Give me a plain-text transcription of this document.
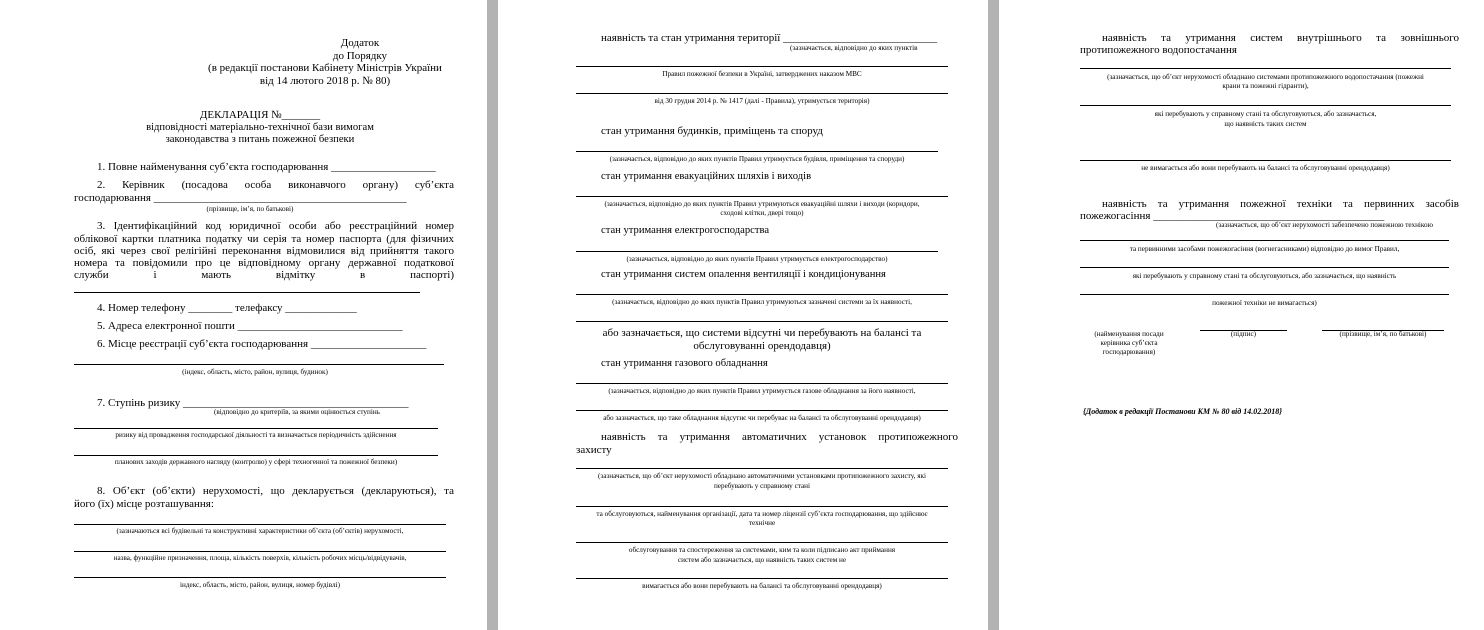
Додаток
до Порядку
(в редакції постанови Кабінету Міністрів України
від 14 лютого 2018 р. № 80)
ДЕКЛАРАЦІЯ №_______
відповідності матеріально-технічної бази вимогам
законодавства з питань пожежної безпеки
1. Повне найменування суб’єкта господарювання ___________________
2. Керівник (посадова особа виконавчого органу) суб’єкта
господарювання ______________________________________________
(прізвище, ім’я, по батькові)
3. Ідентифікаційний код юридичної особи або реєстраційний номер
облікової картки платника податку чи серія та номер паспорта (для фізичних
осіб, які через свої релігійні переконання відмовилися від прийняття такого
номера та повідомили про це відповідному органу державної податкової
служби і мають відмітку в паспорті)
4. Номер телефону ________ телефаксу _____________
5. Адреса електронної пошти ______________________________
6. Місце реєстрації суб’єкта господарювання _____________________
(індекс, область, місто, район, вулиця, будинок)
7. Ступінь ризику _________________________________________
(відповідно до критеріїв, за якими оцінюється ступінь
ризику від провадження господарської діяльності та визначається періодичність здійснення
планових заходів державного нагляду (контролю) у сфері техногенної та пожежної безпеки)
8. Об’єкт (об’єкти) нерухомості, що декларується (декларуються), та
його (їх) місце розташування:
(зазначаються всі будівельні та конструктивні характеристики об’єкта (об’єктів) нерухомості,
назва, функційне призначення, площа, кількість поверхів, кількість робочих місць/відвідувачів,
індекс, область, місто, район, вулиця, номер будівлі)
наявність та стан утримання території ____________________________
(зазначається, відповідно до яких пунктів
Правил пожежної безпеки в Україні, затверджених наказом МВС
від 30 грудня 2014 р. № 1417 (далі - Правила), утримується територія)
стан утримання будинків, приміщень та споруд
(зазначається, відповідно до яких пунктів Правил утримується будівля, приміщення та споруди)
стан утримання евакуаційних шляхів і виходів
(зазначається, відповідно до яких пунктів Правил утримуються евакуаційні шляхи і виходи (коридори,
сходові клітки, двері тощо)
стан утримання електрогосподарства
(зазначається, відповідно до яких пунктів Правил утримується електрогосподарство)
стан утримання систем опалення вентиляції і кондиціонування
(зазначається, відповідно до яких пунктів Правил утримуються зазначені системи за їх наявності,
або зазначається, що системи відсутні чи перебувають на балансі та
обслуговуванні орендодавця)
стан утримання газового обладнання
(зазначається, відповідно до яких пунктів Правил утримується газове обладнання за його наявності,
або зазначається, що таке обладнання відсутнє чи перебуває на балансі та обслуговуванні орендодавця)
наявність та утримання автоматичних установок протипожежного
захисту
(зазначається, що об’єкт нерухомості обладнано автоматичними установками протипожежного захисту, які
перебувають у справному стані
та обслуговуються, найменування організації, дата та номер ліцензії суб’єкта господарювання, що здійснює
технічне
обслуговування та спостереження за системами, ким та коли підписано акт приймання
систем або зазначається, що наявність таких систем не
вимагається або вони перебувають на балансі та обслуговуванні орендодавця)
наявність та утримання систем внутрішнього та зовнішнього
протипожежного водопостачання
(зазначається, що об’єкт нерухомості обладнано системами протипожежного водопостачання (пожежні
крани та пожежні гідранти),
які перебувають у справному стані та обслуговуються, або зазначається,
що наявність таких систем
не вимагається або вони перебувають на балансі та обслуговуванні орендодавця)
наявність та утримання пожежної техніки та первинних засобів
пожежогасіння __________________________________________
(зазначається, що об’єкт нерухомості забезпечено пожежною технікою
та первинними засобами пожежогасіння (вогнегасниками) відповідно до вимог Правил,
які перебувають у справному стані та обслуговуються, або зазначається, що наявність
пожежної техніки не вимагається)
(найменування посади
керівника суб’єкта
господарювання)
(підпис)	(прізвище, ім’я, по батькові)
{Додаток в редакції Постанови КМ № 80 від 14.02.2018}
